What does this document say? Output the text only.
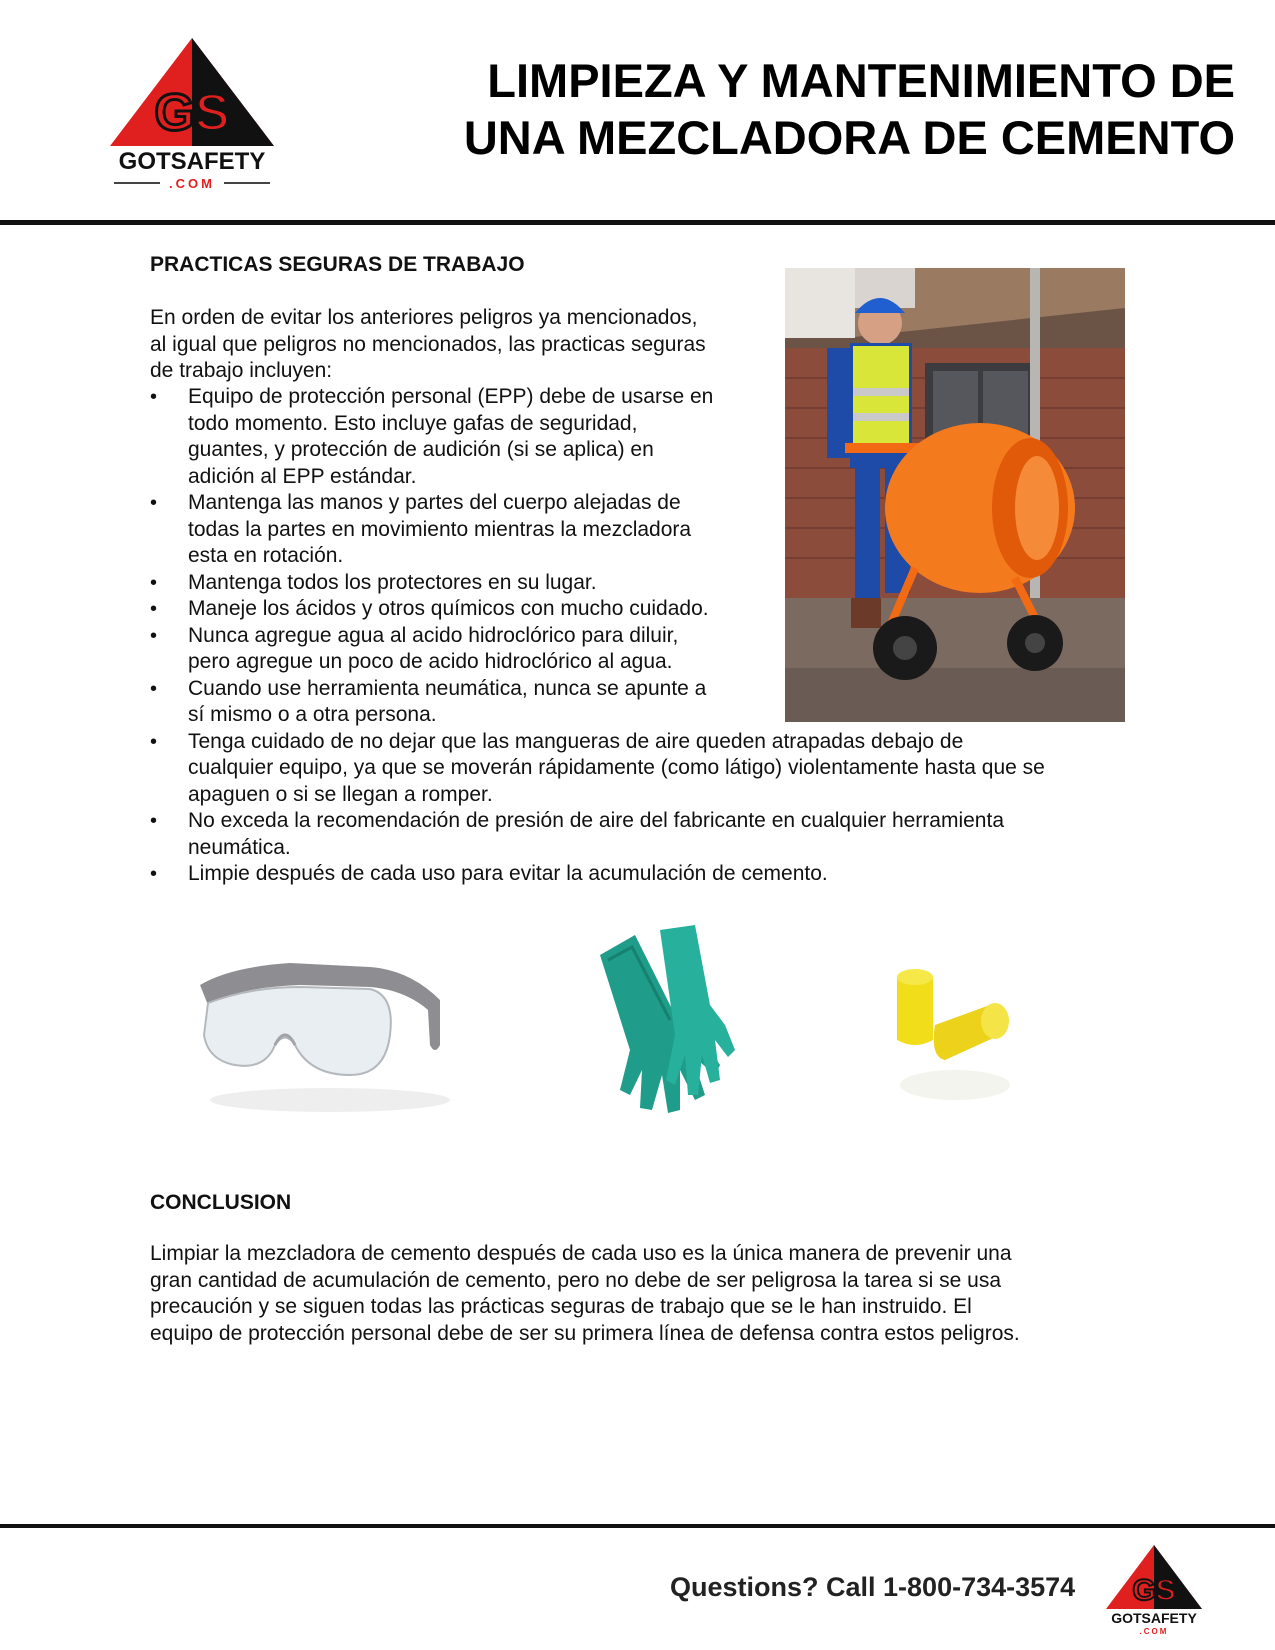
GS
GOTSAFETY
.COM
LIMPIEZA Y MANTENIMIENTO DE
UNA MEZCLADORA DE CEMENTO
PRACTICAS SEGURAS DE TRABAJO
En orden de evitar los anteriores peligros ya mencionados,
al igual que peligros no mencionados, las practicas seguras
de trabajo incluyen:
• Equipo de protección personal (EPP) debe de usarse en
todo momento. Esto incluye gafas de seguridad,
guantes, y protección de audición (si se aplica) en
adición al EPP estándar.
• Mantenga las manos y partes del cuerpo alejadas de
todas la partes en movimiento mientras la mezcladora
esta en rotación.
• Mantenga todos los protectores en su lugar.
• Maneje los ácidos y otros químicos con mucho cuidado.
• Nunca agregue agua al acido hidroclórico para diluir,
pero agregue un poco de acido hidroclórico al agua.
• Cuando use herramienta neumática, nunca se apunte a
sí mismo o a otra persona.
• Tenga cuidado de no dejar que las mangueras de aire queden atrapadas debajo de
cualquier equipo, ya que se moverán rápidamente (como látigo) violentamente hasta que se
apaguen o si se llegan a romper.
• No exceda la recomendación de presión de aire del fabricante en cualquier herramienta
neumática.
• Limpie después de cada uso para evitar la acumulación de cemento.
CONCLUSION
Limpiar la mezcladora de cemento después de cada uso es la única manera de prevenir una
gran cantidad de acumulación de cemento, pero no debe de ser peligrosa la tarea si se usa
precaución y se siguen todas las prácticas seguras de trabajo que se le han instruido. El
equipo de protección personal debe de ser su primera línea de defensa contra estos peligros.
Questions? Call 1-800-734-3574 GS
GOTSAFETY
.COM
